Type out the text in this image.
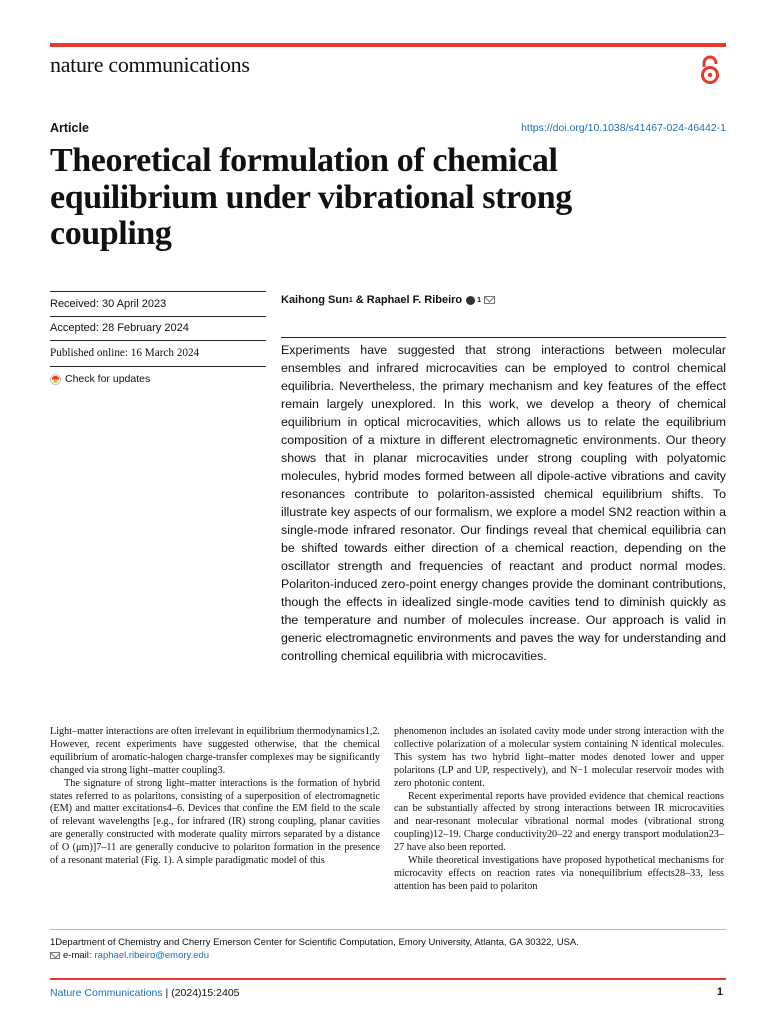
nature communications
Article	https://doi.org/10.1038/s41467-024-46442-1
Theoretical formulation of chemical equilibrium under vibrational strong coupling
Received: 30 April 2023
Accepted: 28 February 2024
Published online: 16 March 2024
Check for updates
Kaihong Sun 1 & Raphael F. Ribeiro 1

Experiments have suggested that strong interactions between molecular ensembles and infrared microcavities can be employed to control chemical equilibria. Nevertheless, the primary mechanism and key features of the effect remain largely unexplored. In this work, we develop a theory of chemical equilibrium in optical microcavities, which allows us to relate the equilibrium composition of a mixture in different electromagnetic environments. Our theory shows that in planar microcavities under strong coupling with polyatomic molecules, hybrid modes formed between all dipole-active vibrations and cavity resonances contribute to polariton-assisted chemical equilibrium shifts. To illustrate key aspects of our formalism, we explore a model SN2 reaction within a single-mode infrared resonator. Our findings reveal that chemical equilibria can be shifted towards either direction of a chemical reaction, depending on the oscillator strength and frequencies of reactant and product normal modes. Polariton-induced zero-point energy changes provide the dominant contributions, though the effects in idealized single-mode cavities tend to diminish quickly as the temperature and number of molecules increase. Our approach is valid in generic electromagnetic environments and paves the way for understanding and controlling chemical equilibria with microcavities.

Light–matter interactions are often irrelevant in equilibrium thermodynamics1,2. However, recent experiments have suggested otherwise, that the chemical equilibrium of aromatic-halogen charge-transfer complexes may be significantly changed via strong light–matter coupling3.

The signature of strong light–matter interactions is the formation of hybrid states referred to as polaritons, consisting of a superposition of electromagnetic (EM) and matter excitations4–6. Devices that confine the EM field to the scale of relevant wavelengths [e.g., for infrared (IR) strong coupling, planar cavities are generally constructed with moderate quality mirrors separated by a distance of O (μm)]7–11 are generally conducive to polariton formation in the presence of a resonant material (Fig. 1). A simple paradigmatic model of this

phenomenon includes an isolated cavity mode under strong interaction with the collective polarization of a molecular system containing N identical molecules. This system has two hybrid light–matter modes denoted lower and upper polaritons (LP and UP, respectively), and N−1 molecular reservoir modes with zero photonic content.

Recent experimental reports have provided evidence that chemical reactions can be substantially affected by strong interactions between IR microcavities and near-resonant molecular vibrational normal modes (vibrational strong coupling)12–19. Charge conductivity20–22 and energy transport modulation23–27 have also been reported.

While theoretical investigations have proposed hypothetical mechanisms for microcavity effects on reaction rates via nonequilibrium effects28–33, less attention has been paid to polariton

1Department of Chemistry and Cherry Emerson Center for Scientific Computation, Emory University, Atlanta, GA 30322, USA.
e-mail: raphael.ribeiro@emory.edu
Nature Communications | (2024)15:2405	1
